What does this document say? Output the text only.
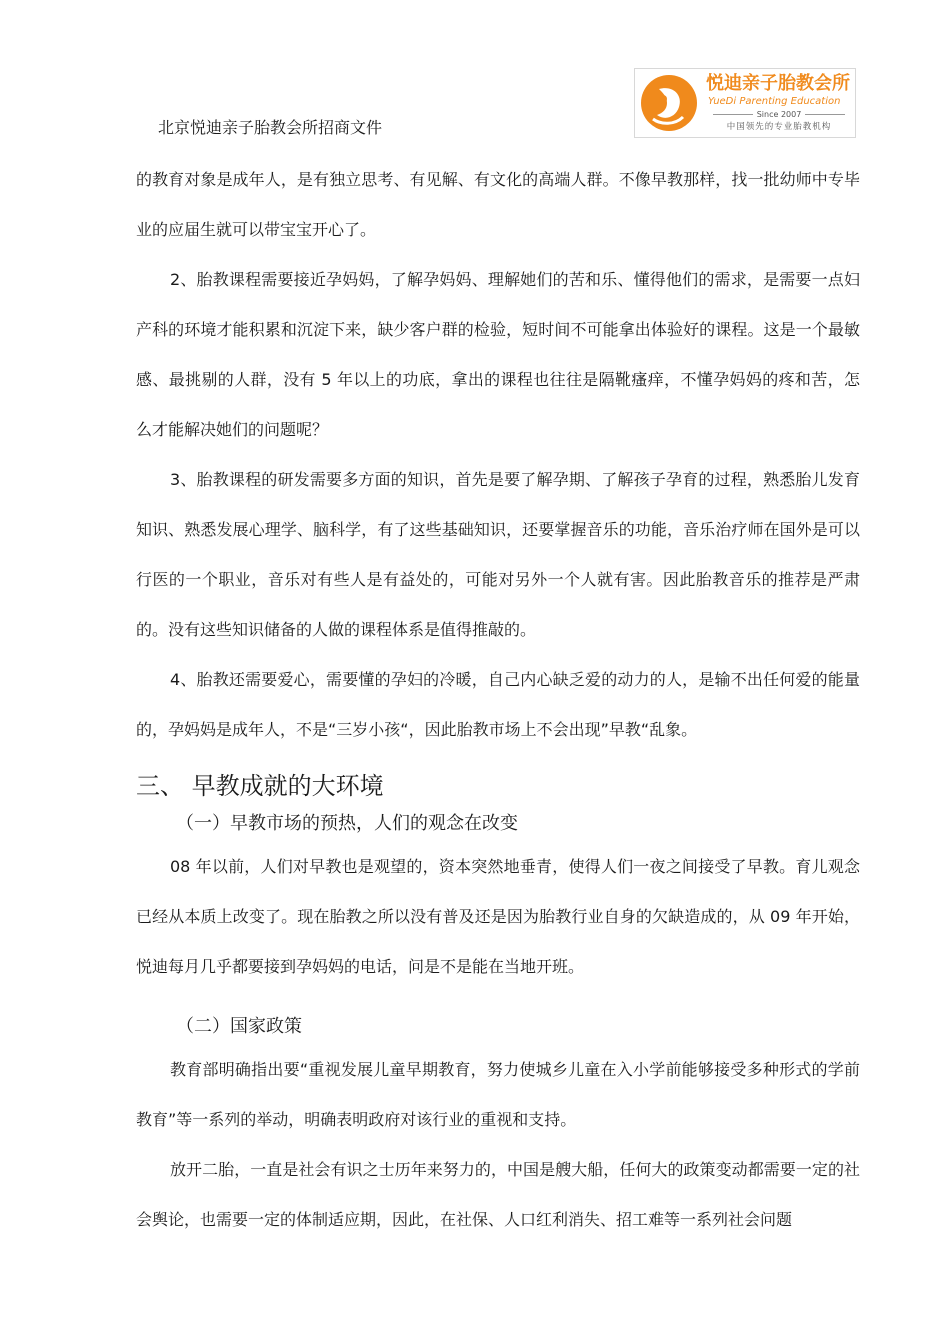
北京悦迪亲子胎教会所招商文件
悦迪亲子胎教会所
YueDi Parenting Education
Since 2007
中国领先的专业胎教机构

的教育对象是成年人，是有独立思考、有见解、有文化的高端人群。不像早教那样，找一批幼师中专毕业的应届生就可以带宝宝开心了。

2、胎教课程需要接近孕妈妈，了解孕妈妈、理解她们的苦和乐、懂得他们的需求，是需要一点妇产科的环境才能积累和沉淀下来，缺少客户群的检验，短时间不可能拿出体验好的课程。这是一个最敏感、最挑剔的人群，没有 5 年以上的功底，拿出的课程也往往是隔靴瘙痒，不懂孕妈妈的疼和苦，怎么才能解决她们的问题呢？

3、胎教课程的研发需要多方面的知识，首先是要了解孕期、了解孩子孕育的过程，熟悉胎儿发育知识、熟悉发展心理学、脑科学，有了这些基础知识，还要掌握音乐的功能，音乐治疗师在国外是可以行医的一个职业，音乐对有些人是有益处的，可能对另外一个人就有害。因此胎教音乐的推荐是严肃的。没有这些知识储备的人做的课程体系是值得推敲的。

4、胎教还需要爱心，需要懂的孕妇的冷暖，自己内心缺乏爱的动力的人，是输不出任何爱的能量的，孕妈妈是成年人，不是“三岁小孩“，因此胎教市场上不会出现”早教“乱象。

三、 早教成就的大环境
（一）早教市场的预热，人们的观念在改变

08 年以前，人们对早教也是观望的，资本突然地垂青，使得人们一夜之间接受了早教。育儿观念已经从本质上改变了。现在胎教之所以没有普及还是因为胎教行业自身的欠缺造成的，从 09 年开始，悦迪每月几乎都要接到孕妈妈的电话，问是不是能在当地开班。

（二）国家政策

教育部明确指出要“重视发展儿童早期教育，努力使城乡儿童在入小学前能够接受多种形式的学前教育”等一系列的举动，明确表明政府对该行业的重视和支持。

放开二胎，一直是社会有识之士历年来努力的，中国是艘大船，任何大的政策变动都需要一定的社会舆论，也需要一定的体制适应期，因此，在社保、人口红利消失、招工难等一系列社会问题
